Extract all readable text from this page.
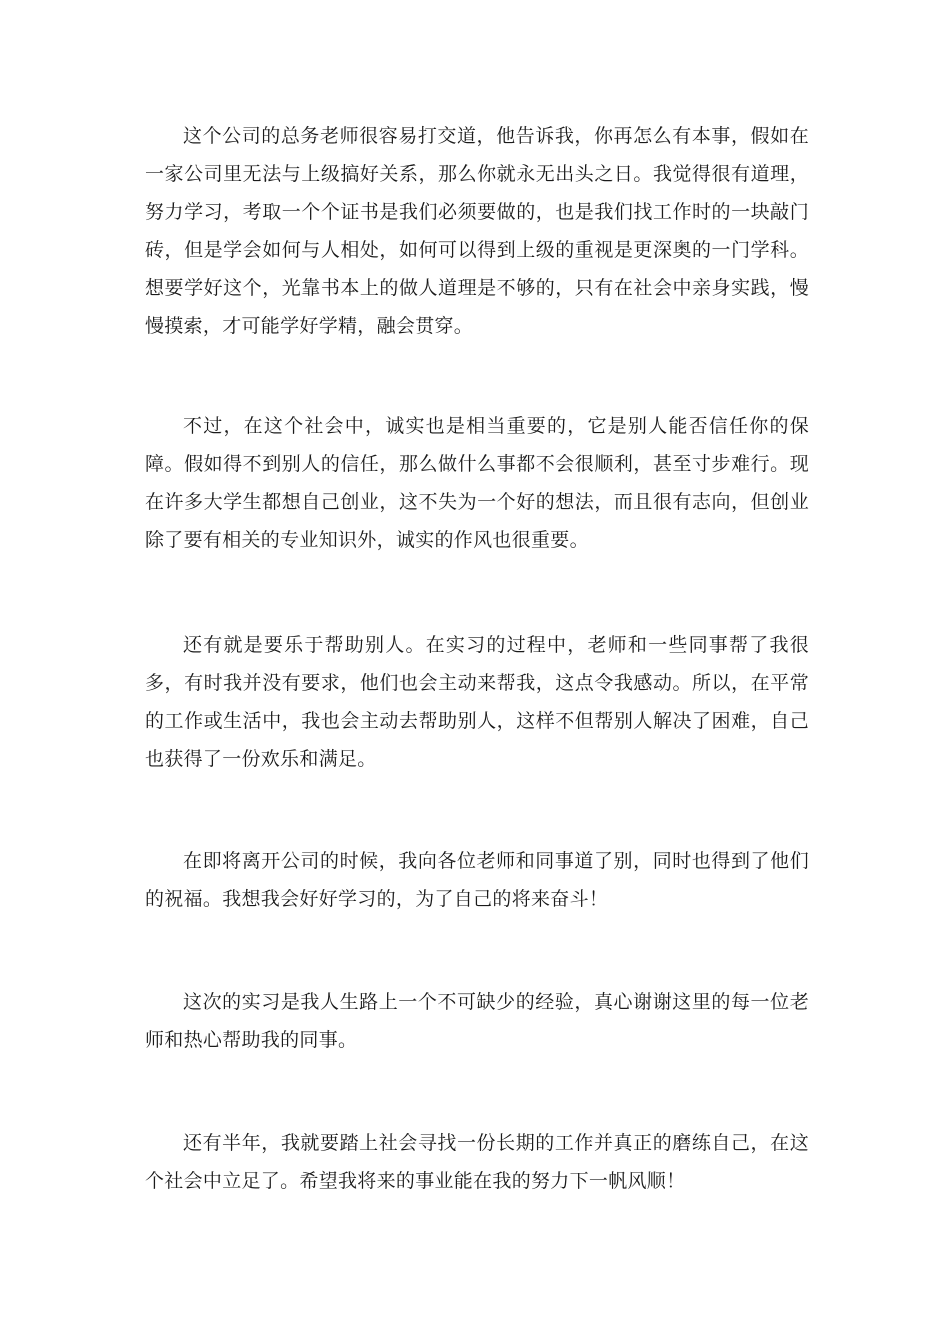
这个公司的总务老师很容易打交道，他告诉我，你再怎么有本事，假如在一家公司里无法与上级搞好关系，那么你就永无出头之日。我觉得很有道理，努力学习，考取一个个证书是我们必须要做的，也是我们找工作时的一块敲门砖，但是学会如何与人相处，如何可以得到上级的重视是更深奥的一门学科。想要学好这个，光靠书本上的做人道理是不够的，只有在社会中亲身实践，慢慢摸索，才可能学好学精，融会贯穿。

不过，在这个社会中，诚实也是相当重要的，它是别人能否信任你的保障。假如得不到别人的信任，那么做什么事都不会很顺利，甚至寸步难行。现在许多大学生都想自己创业，这不失为一个好的想法，而且很有志向，但创业除了要有相关的专业知识外，诚实的作风也很重要。

还有就是要乐于帮助别人。在实习的过程中，老师和一些同事帮了我很多，有时我并没有要求，他们也会主动来帮我，这点令我感动。所以，在平常的工作或生活中，我也会主动去帮助别人，这样不但帮别人解决了困难，自己也获得了一份欢乐和满足。

在即将离开公司的时候，我向各位老师和同事道了别，同时也得到了他们的祝福。我想我会好好学习的，为了自己的将来奋斗！

这次的实习是我人生路上一个不可缺少的经验，真心谢谢这里的每一位老师和热心帮助我的同事。

还有半年，我就要踏上社会寻找一份长期的工作并真正的磨练自己，在这个社会中立足了。希望我将来的事业能在我的努力下一帆风顺！
